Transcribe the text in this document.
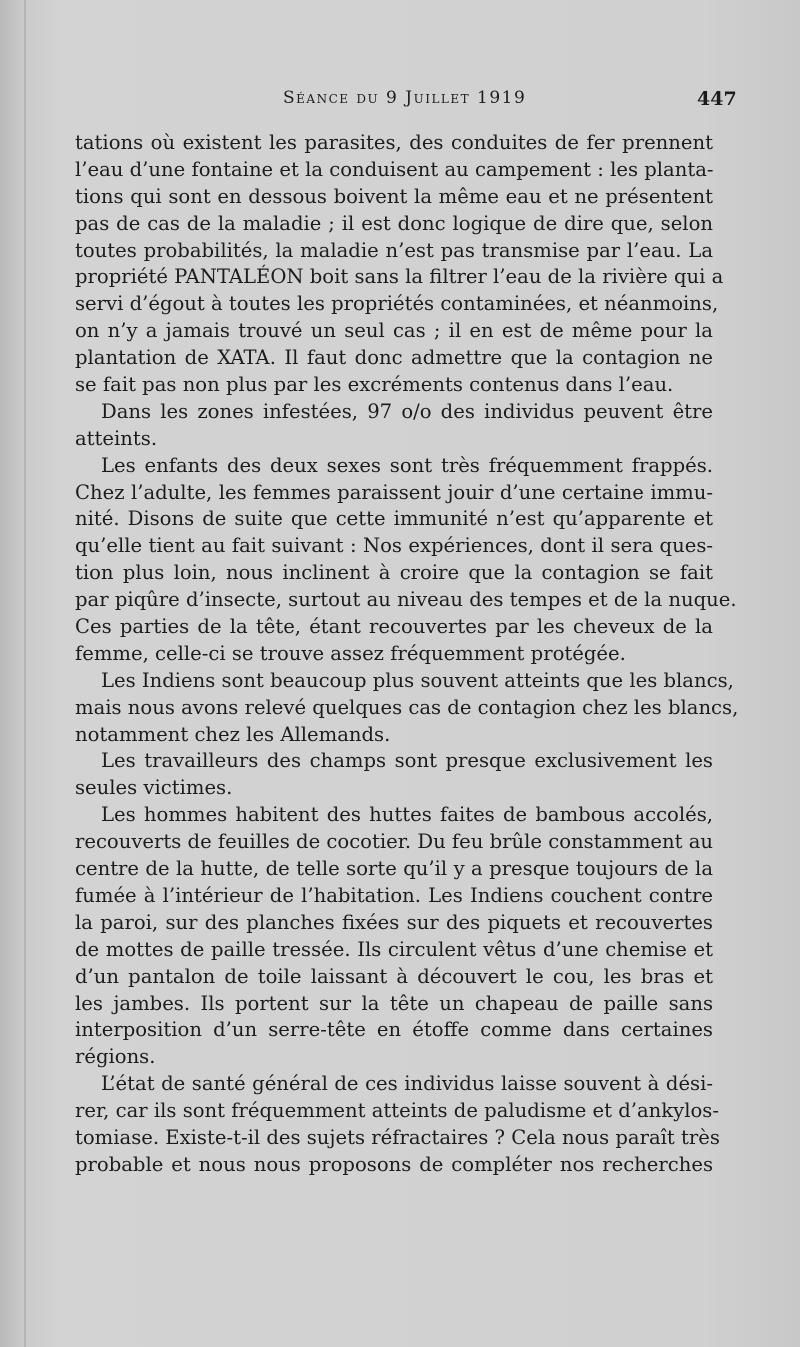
Séance du 9 Juillet 1919	447
tations où existent les parasites, des conduites de fer prennent
l’eau d’une fontaine et la conduisent au campement : les planta-
tions qui sont en dessous boivent la même eau et ne présentent
pas de cas de la maladie ; il est donc logique de dire que, selon
toutes probabilités, la maladie n’est pas transmise par l’eau. La
propriété PANTALÉON boit sans la filtrer l’eau de la rivière qui a
servi d’égout à toutes les propriétés contaminées, et néanmoins,
on n’y a jamais trouvé un seul cas ; il en est de même pour la
plantation de XATA. Il faut donc admettre que la contagion ne
se fait pas non plus par les excréments contenus dans l’eau.
Dans les zones infestées, 97 o/o des individus peuvent être
atteints.
Les enfants des deux sexes sont très fréquemment frappés.
Chez l’adulte, les femmes paraissent jouir d’une certaine immu-
nité. Disons de suite que cette immunité n’est qu’apparente et
qu’elle tient au fait suivant : Nos expériences, dont il sera ques-
tion plus loin, nous inclinent à croire que la contagion se fait
par piqûre d’insecte, surtout au niveau des tempes et de la nuque.
Ces parties de la tête, étant recouvertes par les cheveux de la
femme, celle-ci se trouve assez fréquemment protégée.
Les Indiens sont beaucoup plus souvent atteints que les blancs,
mais nous avons relevé quelques cas de contagion chez les blancs,
notamment chez les Allemands.
Les travailleurs des champs sont presque exclusivement les
seules victimes.
Les hommes habitent des huttes faites de bambous accolés,
recouverts de feuilles de cocotier. Du feu brûle constamment au
centre de la hutte, de telle sorte qu’il y a presque toujours de la
fumée à l’intérieur de l’habitation. Les Indiens couchent contre
la paroi, sur des planches fixées sur des piquets et recouvertes
de mottes de paille tressée. Ils circulent vêtus d’une chemise et
d’un pantalon de toile laissant à découvert le cou, les bras et
les jambes. Ils portent sur la tête un chapeau de paille sans
interposition d’un serre-tête en étoffe comme dans certaines
régions.
L’état de santé général de ces individus laisse souvent à dési-
rer, car ils sont fréquemment atteints de paludisme et d’ankylos-
tomiase. Existe-t-il des sujets réfractaires ? Cela nous paraît très
probable et nous nous proposons de compléter nos recherches
